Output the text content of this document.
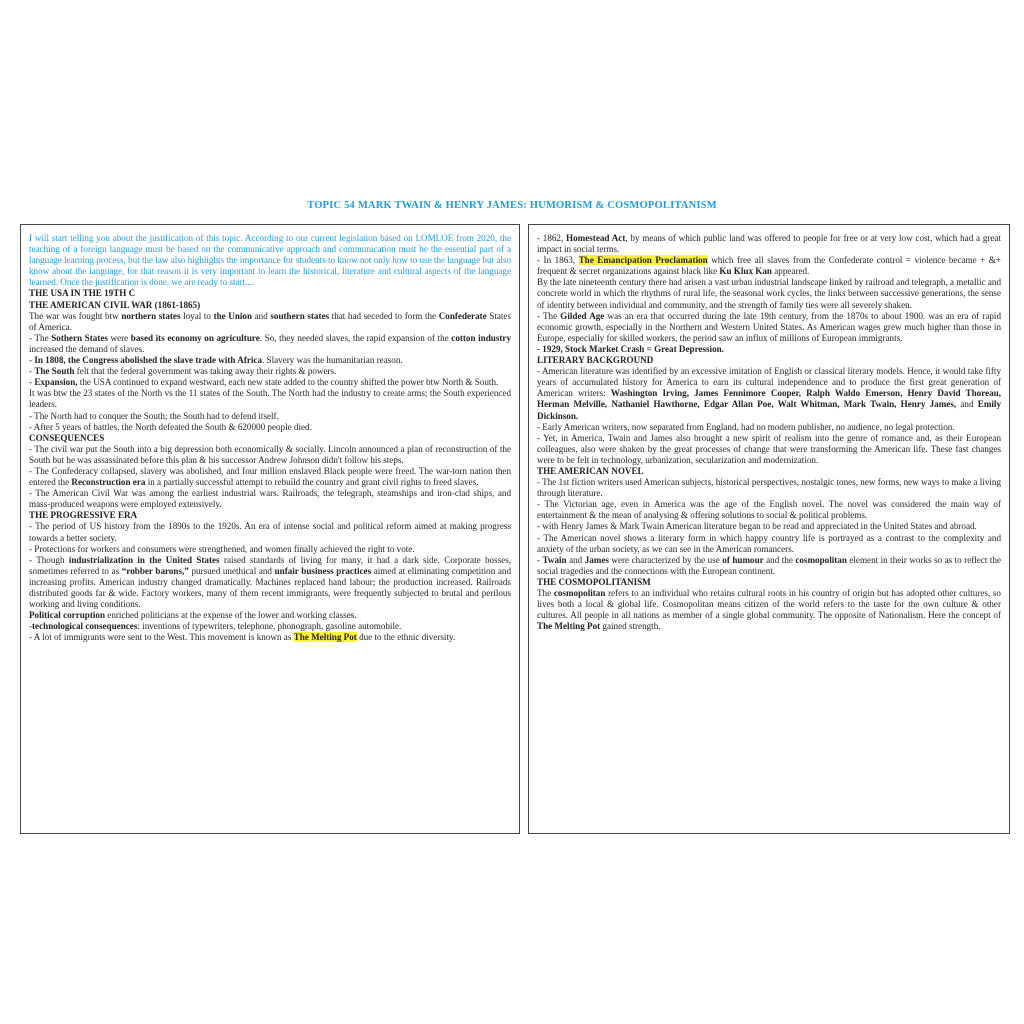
TOPIC 54 MARK TWAIN & HENRY JAMES: HUMORISM & COSMOPOLITANISM

I will start telling you about the justification of this topic. According to our current legislation based on LOMLOE from 2020, the teaching of a foreign language must be based on the communicative approach and communication must be the essential part of a language learning process, but the law also highlights the importance for students to know not only how to use the language but also know about the language, for that reason it is very important to learn the historical, literature and cultural aspects of the language learned. Once the justification is done, we are ready to start....

THE USA IN THE 19TH C

THE AMERICAN CIVIL WAR (1861-1865)

The war was fought btw northern states loyal to the Union and southern states that had seceded to form the Confederate States of America.

- The Sothern States were based its economy on agriculture. So, they needed slaves, the rapid expansion of the cotton industry increased the demand of slaves.

- In 1808, the Congress abolished the slave trade with Africa. Slavery was the humanitarian reason.

- The South felt that the federal government was taking away their rights & powers.

- Expansion, the USA continued to expand westward, each new state added to the country shifted the power btw North & South.

It was btw the 23 states of the North vs the 11 states of the South. The North had the industry to create arms; the South experienced leaders.

- The North had to conquer the South; the South had to defend itself.

- After 5 years of battles, the North defeated the South & 620000 people died.

CONSEQUENCES

- The civil war put the South into a big depression both economically & socially. Lincoln announced a plan of reconstruction of the South but he was assassinated before this plan & his successor Andrew Johnson didn't follow his steps.

- The Confederacy collapsed, slavery was abolished, and four million enslaved Black people were freed. The war-torn nation then entered the Reconstruction era in a partially successful attempt to rebuild the country and grant civil rights to freed slaves.

- The American Civil War was among the earliest industrial wars. Railroads, the telegraph, steamships and iron-clad ships, and mass-produced weapons were employed extensively.

THE PROGRESSIVE ERA

- The period of US history from the 1890s to the 1920s. An era of intense social and political reform aimed at making progress towards a better society.

- Protections for workers and consumers were strengthened, and women finally achieved the right to vote.

- Though industrialization in the United States raised standards of living for many, it had a dark side. Corporate bosses, sometimes referred to as “robber barons,” pursued unethical and unfair business practices aimed at eliminating competition and increasing profits. American industry changed dramatically. Machines replaced hand labour; the production increased. Railroads distributed goods far & wide. Factory workers, many of them recent immigrants, were frequently subjected to brutal and perilous working and living conditions.

Political corruption enriched politicians at the expense of the lower and working classes.

-technological consequences: inventions of typewriters, telephone, phonograph, gasoline automobile.

- A lot of immigrants were sent to the West. This movement is known as The Melting Pot due to the ethnic diversity.

- 1862, Homestead Act, by means of which public land was offered to people for free or at very low cost, which had a great impact in social terms.

- In 1863, The Emancipation Proclamation which free all slaves from the Confederate control = violence became + &+ frequent & secret organizations against black like Ku Klux Kan appeared.

By the late nineteenth century there had arisen a vast urban industrial landscape linked by railroad and telegraph, a metallic and concrete world in which the rhythms of rural life, the seasonal work cycles, the links between successive generations, the sense of identity between individual and community, and the strength of family ties were all severely shaken.

- The Gilded Age was an era that occurred during the late 19th century, from the 1870s to about 1900. was an era of rapid economic growth, especially in the Northern and Western United States. As American wages grew much higher than those in Europe, especially for skilled workers, the period saw an influx of millions of European immigrants.

- 1929, Stock Market Crash = Great Depression.

LITERARY BACKGROUND

- American literature was identified by an excessive imitation of English or classical literary models. Hence, it would take fifty years of accumulated history for America to earn its cultural independence and to produce the first great generation of American writers: Washington Irving, James Fennimore Cooper, Ralph Waldo Emerson, Henry David Thoreau, Herman Melville, Nathaniel Hawthorne, Edgar Allan Poe, Walt Whitman, Mark Twain, Henry James, and Emily Dickinson.

- Early American writers, now separated from England, had no modern publisher, no audience, no legal protection.

- Yet, in America, Twain and James also brought a new spirit of realism into the genre of romance and, as their European colleagues, also were shaken by the great processes of change that were transforming the American life. These fast changes were to be felt in technology, urbanization, secularization and modernization.

THE AMERICAN NOVEL

- The 1st fiction writers used American subjects, historical perspectives, nostalgic tones, new forms, new ways to make a living through literature.

- The Victorian age, even in America was the age of the English novel. The novel was considered the main way of entertainment & the mean of analysing & offering solutions to social & political problems.

- with Henry James & Mark Twain American literature began to be read and appreciated in the United States and abroad.

- The American novel shows a literary form in which happy country life is portrayed as a contrast to the complexity and anxiety of the urban society, as we can see in the American romancers.

- Twain and James were characterized by the use of humour and the cosmopolitan element in their works so as to reflect the social tragedies and the connections with the European continent.

THE COSMOPOLITANISM

The cosmopolitan refers to an individual who retains cultural roots in his country of origin but has adopted other cultures, so lives both a local & global life. Cosmopolitan means citizen of the world refers to the taste for the own culture & other cultures. All people in all nations as member of a single global community. The opposite of Nationalism. Here the concept of The Melting Pot gained strength.
